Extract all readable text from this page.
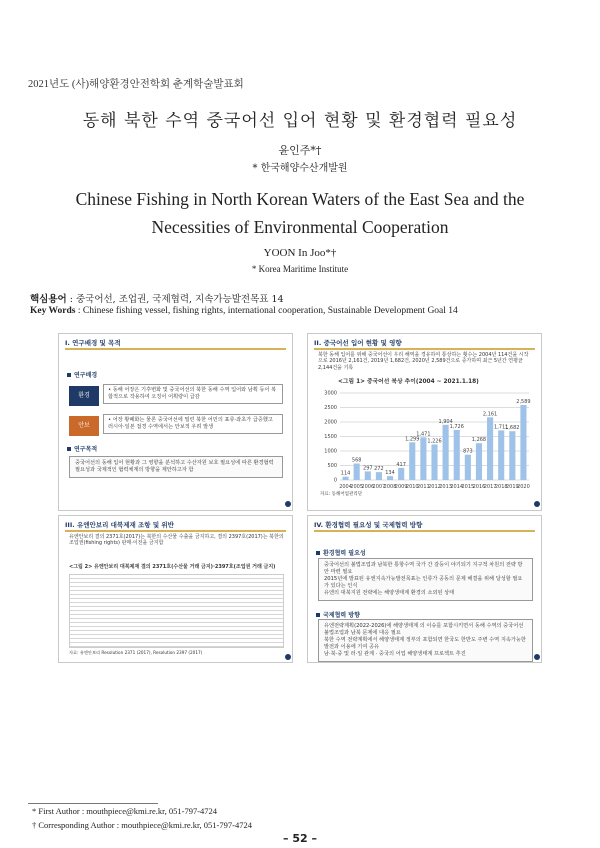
2021년도 (사)해양환경안전학회 춘계학술발표회
동해 북한 수역 중국어선 입어 현황 및 환경협력 필요성
윤인주*†
* 한국해양수산개발원
Chinese Fishing in North Korean Waters of the East Sea and the Necessities of Environmental Cooperation
YOON In Joo*†
* Korea Maritime Institute
핵심용어 : 중국어선, 조업권, 국제협력, 지속가능발전목표 14
Key Words : Chinese fishing vessel, fishing rights, international cooperation, Sustainable Development Goal 14
I. 연구배경 및 목적
연구배경
환경
• 동해 어장은 기후변화 및 중국어선의 북한 동해 수역 입어와 남획 등이 복합적으로 작용하여 오징어 어획량이 급감
안보
• 어장 황폐화는 물론 중국어선에 밀린 북한 어민의 표류·좌초가 급증했고 러시아·일본 접경 수역에서는 안보적 우려 발생
연구목적
중국어선의 동해 입어 현황과 그 영향을 분석하고 수산자원 보호 필요성에 따른 환경협력 필요성과 국제적인 협력체계의 방향을 제안하고자 함
II. 중국어선 입어 현황 및 영향
북한 동해 입어를 위해 중국어선이 우리 해역을 경유하여 통상하는 횟수는 2004년 114건을 시작으로 2016년 2,161건, 2019년 1,682건, 2020년 2,589건으로 증가하며 최근 5년간 연평균 2,144건을 기록
<그림 1> 중국어선 북상 추이(2004 ~ 2021.1.18)
0
500
1000
1500
2000
2500
3000
114
2004
568
2005
297
2006
272
2007
134
2008
417
2009
1,299
2010
1,471
2011
1,226
2012
1,904
2013
1,726
2014
873
2015
1,268
2016
2,161
2017
1,711
2018
1,682
2019
2,589
2020
자료: 동해어업관리단
III. 유엔안보리 대북제재 조항 및 위반
유엔안보리 결의 2371호(2017)는 북한의 수산물 수출을 금지하고, 결의 2397호(2017)는 북한의 조업권(fishing rights) 판매·이전을 금지함
<그림 2> 유엔안보리 대북제재 결의 2371호(수산물 거래 금지)·2397호(조업권 거래 금지)
자료: 유엔안보리 Resolution 2371 (2017), Resolution 2397 (2017)
IV. 환경협력 필요성 및 국제협력 방향
환경협력 필요성
중국어선의 불법조업과 남북한 통항수역 국가 간 갈등이 야기되기 지구적 차원의 전략 방안 마련 필요
2015년에 발표된 유엔지속가능발전목표는 인류가 공동의 문제 해결을 위해 달성할 필요가 있다는 인식
유엔의 대북지원 전략에는 해양생태계 환경의 소외된 상태
국제협력 방향
유엔전략계획(2022-2026)에 해양생태계 의 이슈를 포함시키면서 동해 수역의 중국어선 불법조업과 남북 문제에 대응 필요
북한 수역 전략계획에서 해양생태계 정부의 포함되면 한국도 한반도 주변 수역 지속가능한 발전과 이용에 기여 공유
남·북·중 및 러·일 관계 · 중국의 어업 해양생태계 프로젝트 추진
* First Author : mouthpiece@kmi.re.kr, 051-797-4724
† Corresponding Author : mouthpiece@kmi.re.kr, 051-797-4724
– 52 –
